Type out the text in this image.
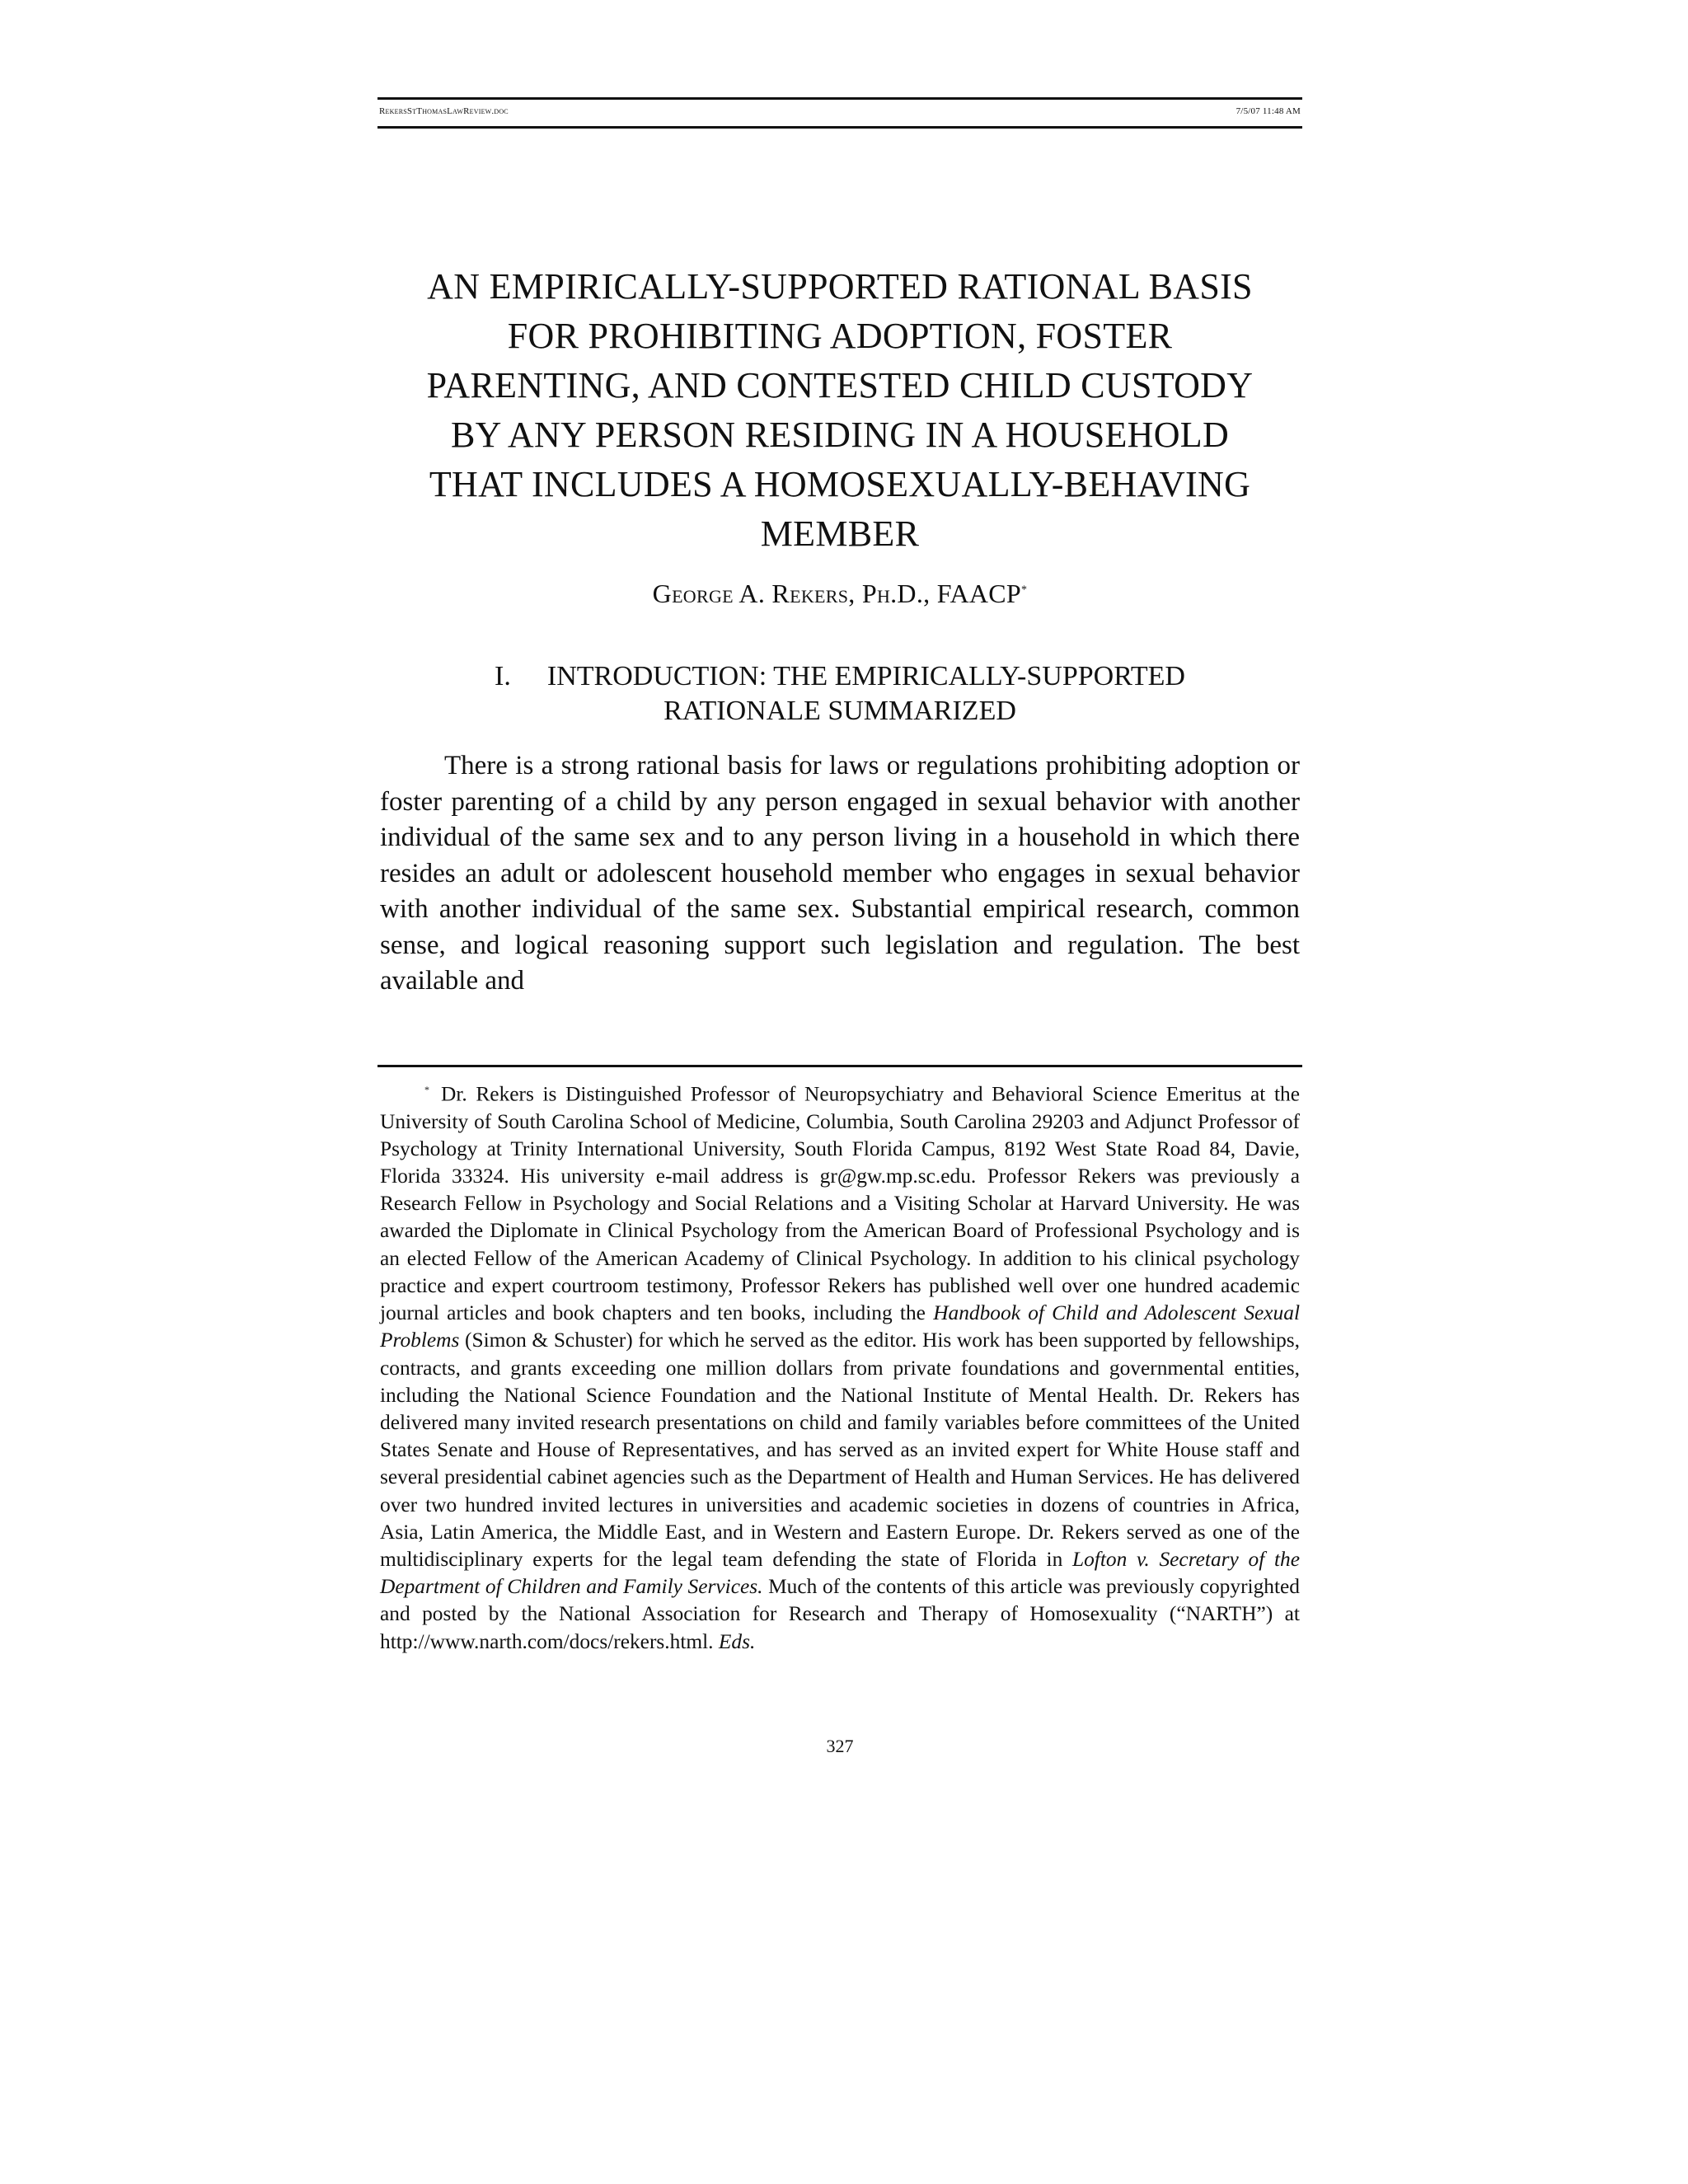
RekersStThomasLawReview.doc	7/5/07 11:48 AM
AN EMPIRICALLY-SUPPORTED RATIONAL BASIS
FOR PROHIBITING ADOPTION, FOSTER
PARENTING, AND CONTESTED CHILD CUSTODY
BY ANY PERSON RESIDING IN A HOUSEHOLD
THAT INCLUDES A HOMOSEXUALLY-BEHAVING
MEMBER
George A. Rekers, Ph.D., FAACP*
I. INTRODUCTION: THE EMPIRICALLY-SUPPORTED
RATIONALE SUMMARIZED

There is a strong rational basis for laws or regulations prohibiting adoption or foster parenting of a child by any person engaged in sexual behavior with another individual of the same sex and to any person living in a household in which there resides an adult or adolescent household member who engages in sexual behavior with another individual of the same sex. Substantial empirical research, common sense, and logical reasoning support such legislation and regulation. The best available and

* Dr. Rekers is Distinguished Professor of Neuropsychiatry and Behavioral Science Emeritus at the University of South Carolina School of Medicine, Columbia, South Carolina 29203 and Adjunct Professor of Psychology at Trinity International University, South Florida Campus, 8192 West State Road 84, Davie, Florida 33324. His university e-mail address is gr@gw.mp.sc.edu. Professor Rekers was previously a Research Fellow in Psychology and Social Relations and a Visiting Scholar at Harvard University. He was awarded the Diplomate in Clinical Psychology from the American Board of Professional Psychology and is an elected Fellow of the American Academy of Clinical Psychology. In addition to his clinical psychology practice and expert courtroom testimony, Professor Rekers has published well over one hundred academic journal articles and book chapters and ten books, including the Handbook of Child and Adolescent Sexual Problems (Simon & Schuster) for which he served as the editor. His work has been supported by fellowships, contracts, and grants exceeding one million dollars from private foundations and governmental entities, including the National Science Foundation and the National Institute of Mental Health. Dr. Rekers has delivered many invited research presentations on child and family variables before committees of the United States Senate and House of Representatives, and has served as an invited expert for White House staff and several presidential cabinet agencies such as the Department of Health and Human Services. He has delivered over two hundred invited lectures in universities and academic societies in dozens of countries in Africa, Asia, Latin America, the Middle East, and in Western and Eastern Europe. Dr. Rekers served as one of the multidisciplinary experts for the legal team defending the state of Florida in Lofton v. Secretary of the Department of Children and Family Services. Much of the contents of this article was previously copyrighted and posted by the National Association for Research and Therapy of Homosexuality (“NARTH”) at http://www.narth.com/docs/rekers.html. Eds.

327
